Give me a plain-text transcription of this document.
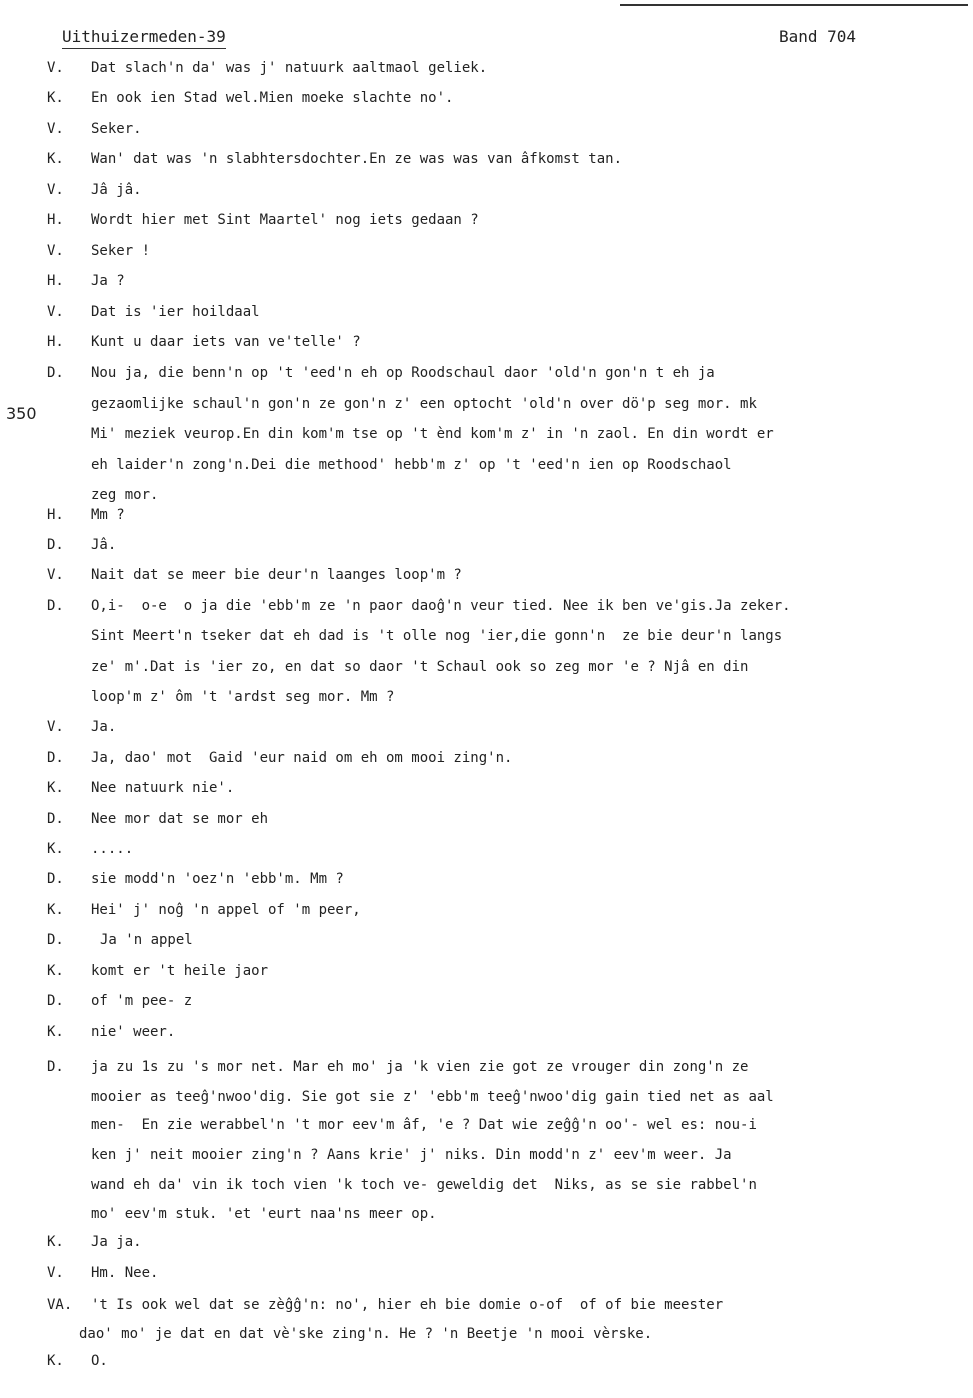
Uithuizermeden-39	Band 704
350
V. Dat slach'n da' was j' natuurk aaltmaol geliek.
K. En ook ien Stad wel.Mien moeke slachte no'.
V. Seker.
K. Wan' dat was 'n slabhtersdochter.En ze was was van âfkomst tan.
V. Jâ jâ.
H. Wordt hier met Sint Maartel' nog iets gedaan ?
V. Seker !
H. Ja ?
V. Dat is 'ier hoildaal
H. Kunt u daar iets van ve'telle' ?
D. Nou ja, die benn'n op 't 'eed'n eh op Roodschaul daor 'old'n gon'n t eh ja
gezaomlijke schaul'n gon'n ze gon'n z' een optocht 'old'n over dö'p seg mor. mk
Mi' meziek veurop.En din kom'm tse op 't ènd kom'm z' in 'n zaol. En din wordt er
eh laider'n zong'n.Dei die methood' hebb'm z' op 't 'eed'n ien op Roodschaol
zeg mor.
H. Mm ?
D. Jâ.
V. Nait dat se meer bie deur'n laanges loop'm ?
D. O,i-  o-e  o ja die 'ebb'm ze 'n paor daoĝ'n veur tied. Nee ik ben ve'gis.Ja zeker.
Sint Meert'n tseker dat eh dad is 't olle nog 'ier,die gonn'n  ze bie deur'n langs
ze' m'.Dat is 'ier zo, en dat so daor 't Schaul ook so zeg mor 'e ? Njâ en din
loop'm z' ôm 't 'ardst seg mor. Mm ?
V. Ja.
D. Ja, dao' mot  Gaid 'eur naid om eh om mooi zing'n.
K. Nee natuurk nie'.
D. Nee mor dat se mor eh
K. .....
D. sie modd'n 'oez'n 'ebb'm. Mm ?
K. Hei' j' noĝ 'n appel of 'm peer,
D.	Ja 'n appel
K. komt er 't heile jaor
D. of 'm pee- z
K. nie' weer.
D. ja zu 1s zu 's mor net. Mar eh mo' ja 'k vien zie got ze vrouger din zong'n ze
mooier as teeĝ'nwoo'dig. Sie got sie z' 'ebb'm teeĝ'nwoo'dig gain tied net as aal
men-  En zie werabbel'n 't mor eev'm âf, 'e ? Dat wie zeĝĝ'n oo'- wel es: nou-i
ken j' neit mooier zing'n ? Aans krie' j' niks. Din modd'n z' eev'm weer. Ja
wand eh da' vin ik toch vien 'k toch ve- geweldig det  Niks, as se sie rabbel'n
mo' eev'm stuk. 'et 'eurt naa'ns meer op.
K. Ja ja.
V. Hm. Nee.
VA. 't Is ook wel dat se zèĝĝ'n: no', hier eh bie domie o-of  of of bie meester
dao' mo' je dat en dat vè'ske zing'n. He ? 'n Beetje 'n mooi vèrske.
K. O.
